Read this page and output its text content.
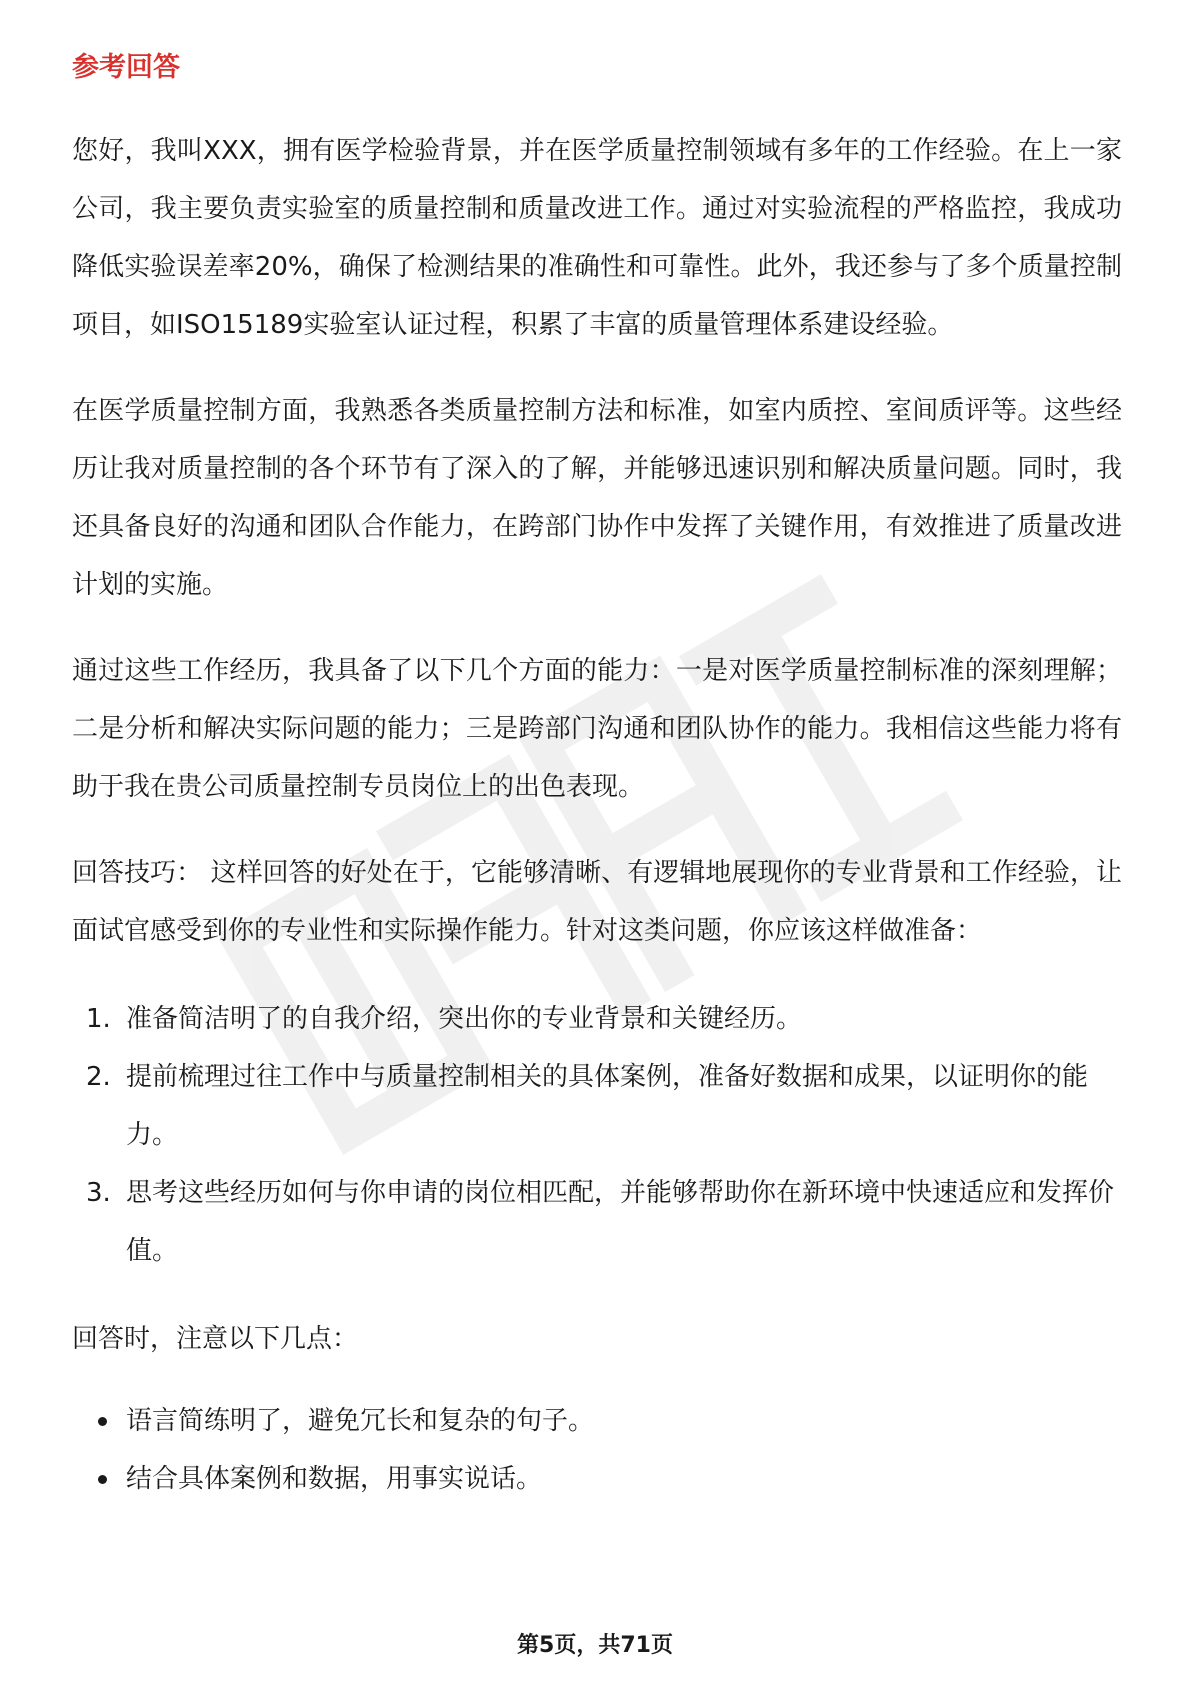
参考回答

您好，我叫XXX，拥有医学检验背景，并在医学质量控制领域有多年的工作经验。在上一家公司，我主要负责实验室的质量控制和质量改进工作。通过对实验流程的严格监控，我成功降低实验误差率20%，确保了检测结果的准确性和可靠性。此外，我还参与了多个质量控制项目，如ISO15189实验室认证过程，积累了丰富的质量管理体系建设经验。

在医学质量控制方面，我熟悉各类质量控制方法和标准，如室内质控、室间质评等。这些经历让我对质量控制的各个环节有了深入的了解，并能够迅速识别和解决质量问题。同时，我还具备良好的沟通和团队合作能力，在跨部门协作中发挥了关键作用，有效推进了质量改进计划的实施。

通过这些工作经历，我具备了以下几个方面的能力：一是对医学质量控制标准的深刻理解；二是分析和解决实际问题的能力；三是跨部门沟通和团队协作的能力。我相信这些能力将有助于我在贵公司质量控制专员岗位上的出色表现。

回答技巧： 这样回答的好处在于，它能够清晰、有逻辑地展现你的专业背景和工作经验，让面试官感受到你的专业性和实际操作能力。针对这类问题，你应该这样做准备：

1. 准备简洁明了的自我介绍，突出你的专业背景和关键经历。
2. 提前梳理过往工作中与质量控制相关的具体案例，准备好数据和成果，以证明你的能力。
3. 思考这些经历如何与你申请的岗位相匹配，并能够帮助你在新环境中快速适应和发挥价值。

回答时，注意以下几点：

语言简练明了，避免冗长和复杂的句子。
结合具体案例和数据，用事实说话。
第5页，共71页
